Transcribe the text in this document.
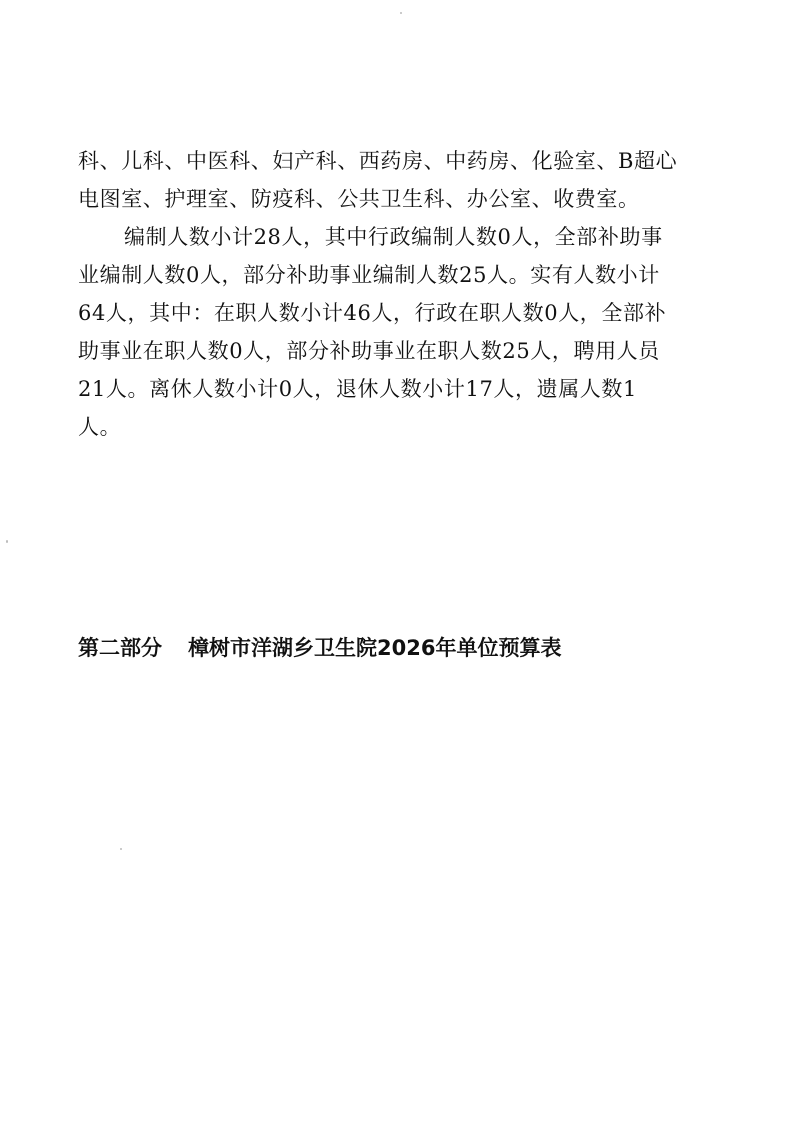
科、儿科、中医科、妇产科、西药房、中药房、化验室、B超心
电图室、护理室、防疫科、公共卫生科、办公室、收费室。
编制人数小计28人，其中行政编制人数0人，全部补助事
业编制人数0人，部分补助事业编制人数25人。实有人数小计
64人，其中：在职人数小计46人，行政在职人数0人，全部补
助事业在职人数0人，部分补助事业在职人数25人，聘用人员
21人。离休人数小计0人，退休人数小计17人，遗属人数1
人。
第二部分 樟树市洋湖乡卫生院2026年单位预算表
